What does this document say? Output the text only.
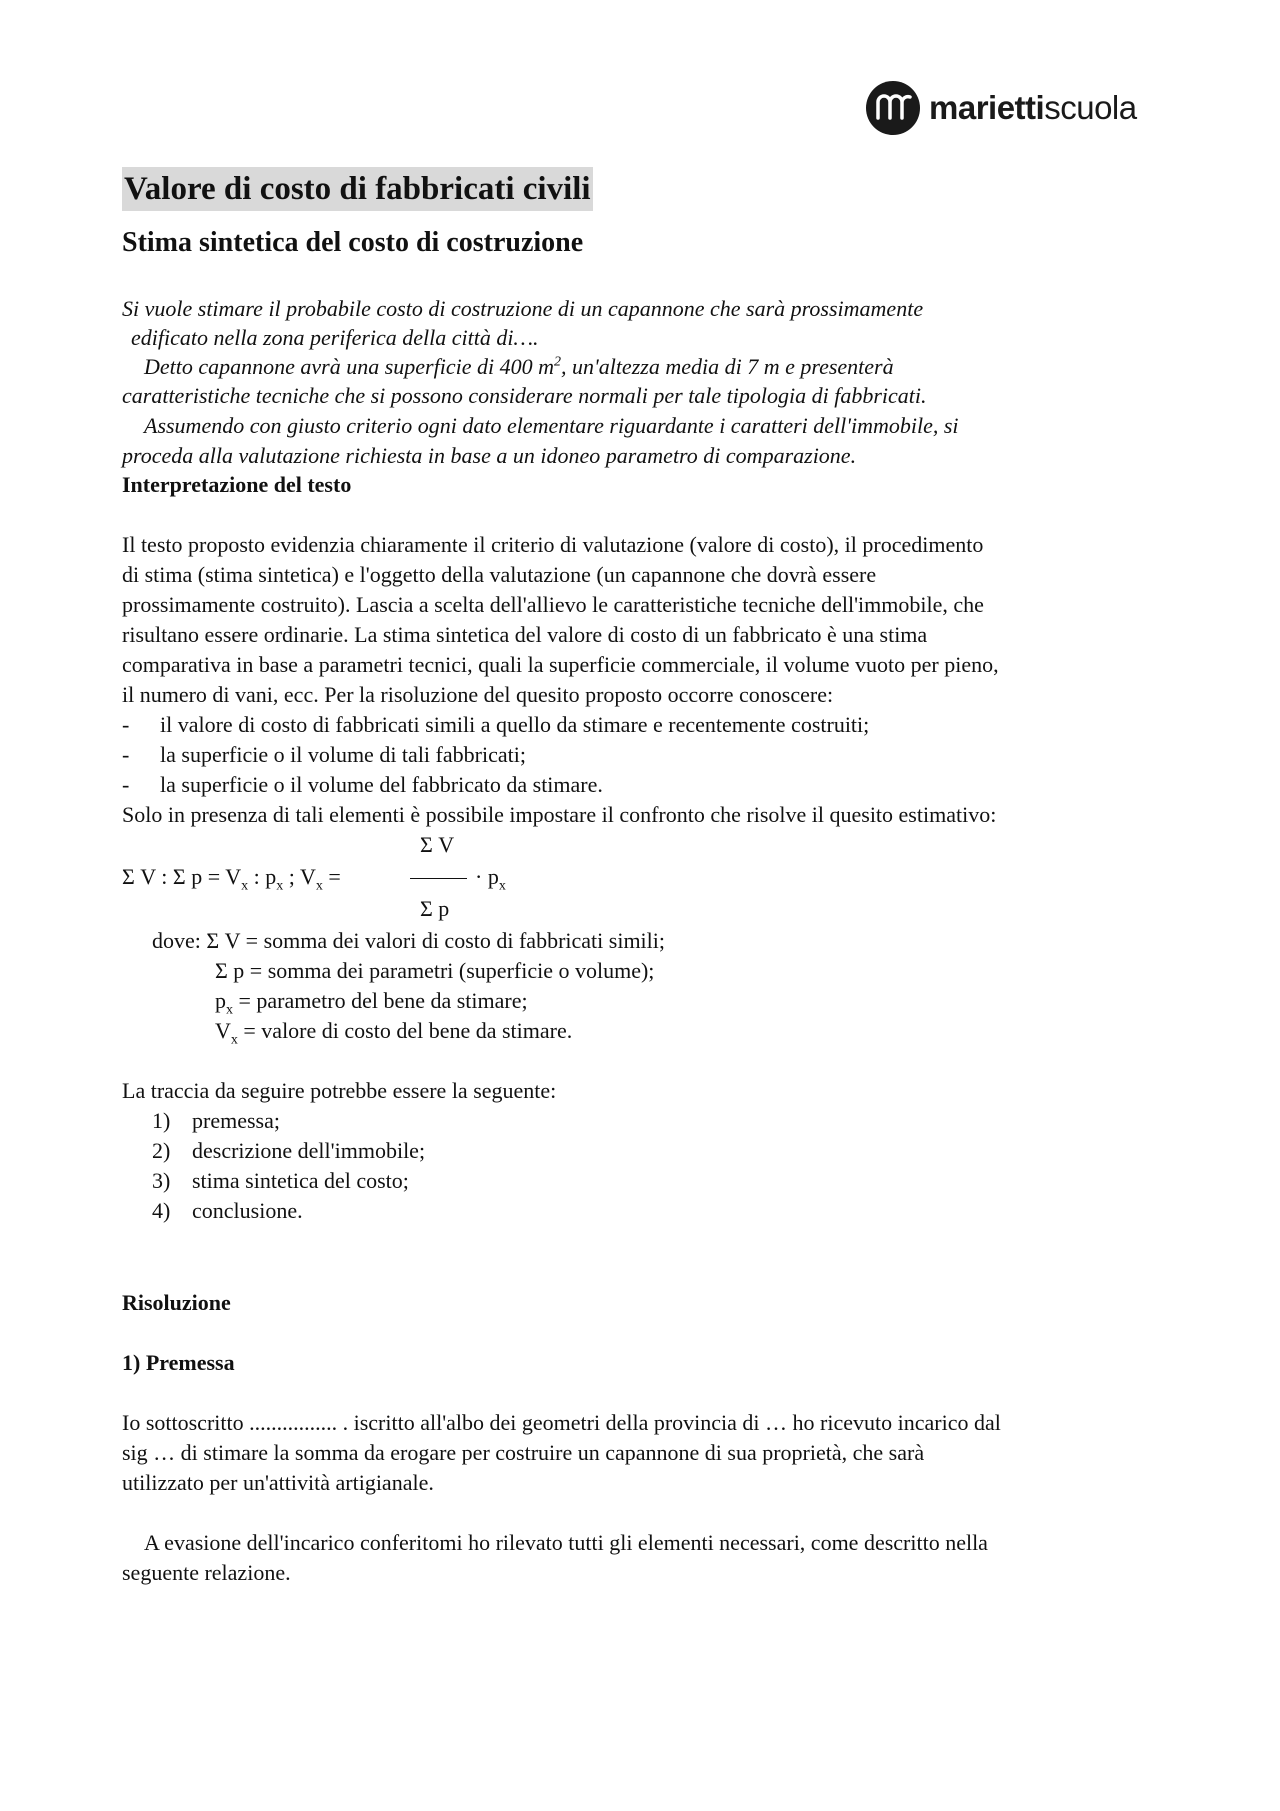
mariettiscuola
Valore di costo di fabbricati civili
Stima sintetica del costo di costruzione
Si vuole stimare il probabile costo di costruzione di un capannone che sarà prossimamente
edificato nella zona periferica della città di….
Detto capannone avrà una superficie di 400 $m^2$, un'altezza media di 7 m e presenterà
caratteristiche tecniche che si possono considerare normali per tale tipologia di fabbricati.
Assumendo con giusto criterio ogni dato elementare riguardante i caratteri dell'immobile, si
proceda alla valutazione richiesta in base a un idoneo parametro di comparazione.
Interpretazione del testo
Il testo proposto evidenzia chiaramente il criterio di valutazione (valore di costo), il procedimento
di stima (stima sintetica) e l'oggetto della valutazione (un capannone che dovrà essere
prossimamente costruito). Lascia a scelta dell'allievo le caratteristiche tecniche dell'immobile, che
risultano essere ordinarie. La stima sintetica del valore di costo di un fabbricato è una stima
comparativa in base a parametri tecnici, quali la superficie commerciale, il volume vuoto per pieno,
il numero di vani, ecc. Per la risoluzione del quesito proposto occorre conoscere:
- il valore di costo di fabbricati simili a quello da stimare e recentemente costruiti;
- la superficie o il volume di tali fabbricati;
- la superficie o il volume del fabbricato da stimare.
Solo in presenza di tali elementi è possibile impostare il confronto che risolve il quesito estimativo:
Σ V
Σ V : Σ $p = V_x$ : $p_x$ ; $V_x$ =	· $p_x$
Σ p
dove: Σ V = somma dei valori di costo di fabbricati simili;
Σ p = somma dei parametri (superficie o volume);
$p_x$ = parametro del bene da stimare;
$V_x$ = valore di costo del bene da stimare.
La traccia da seguire potrebbe essere la seguente:
1) premessa;
2) descrizione dell'immobile;
3) stima sintetica del costo;
4) conclusione.
Risoluzione
1) Premessa
Io sottoscritto ................ . iscritto all'albo dei geometri della provincia di … ho ricevuto incarico dal
sig … di stimare la somma da erogare per costruire un capannone di sua proprietà, che sarà
utilizzato per un'attività artigianale.
A evasione dell'incarico conferitomi ho rilevato tutti gli elementi necessari, come descritto nella
seguente relazione.
